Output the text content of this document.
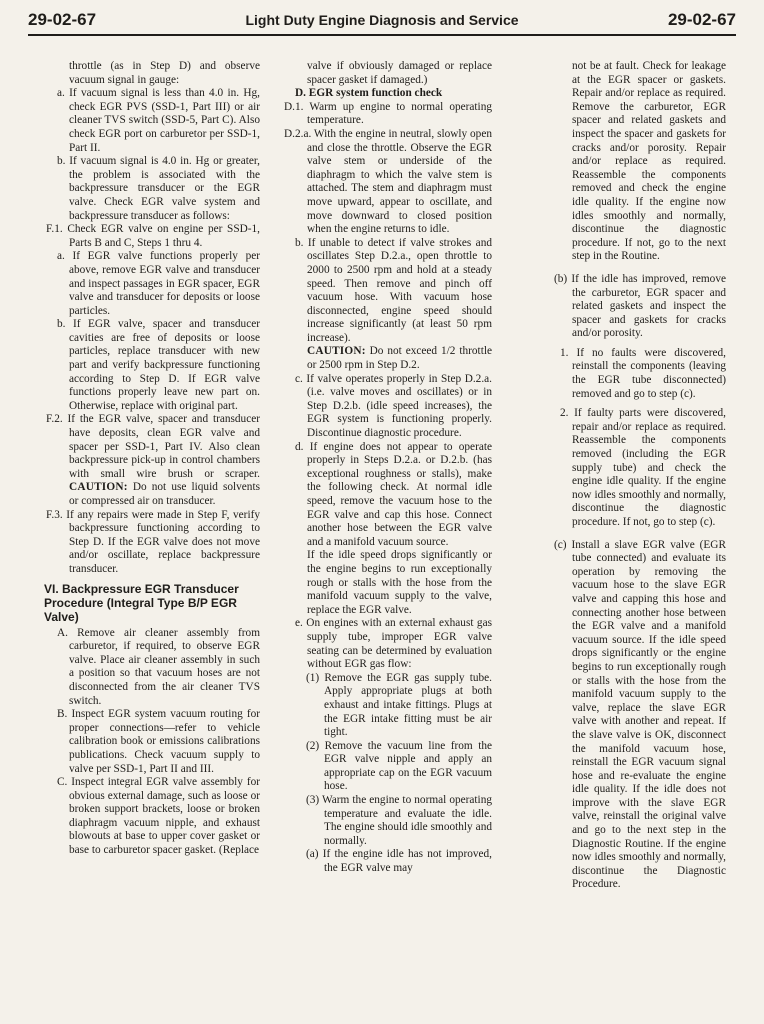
29-02-67	Light Duty Engine Diagnosis and Service	29-02-67

throttle (as in Step D) and observe vacuum signal in gauge:

a. If vacuum signal is less than 4.0 in. Hg, check EGR PVS (SSD-1, Part III) or air cleaner TVS switch (SSD-5, Part C). Also check EGR port on carburetor per SSD-1, Part II.

b. If vacuum signal is 4.0 in. Hg or greater, the problem is associated with the backpressure transducer or the EGR valve. Check EGR valve system and backpressure transducer as follows:

F.1. Check EGR valve on engine per SSD-1, Parts B and C, Steps 1 thru 4.

a. If EGR valve functions properly per above, remove EGR valve and transducer and inspect passages in EGR spacer, EGR valve and transducer for deposits or loose particles.

b. If EGR valve, spacer and transducer cavities are free of deposits or loose particles, replace transducer with new part and verify backpressure functioning according to Step D. If EGR valve functions properly leave new part on. Otherwise, replace with original part.

F.2. If the EGR valve, spacer and transducer have deposits, clean EGR valve and spacer per SSD-1, Part IV. Also clean backpressure pick-up in control chambers with small wire brush or scraper. CAUTION: Do not use liquid solvents or compressed air on transducer.

F.3. If any repairs were made in Step F, verify backpressure functioning according to Step D. If the EGR valve does not move and/or oscillate, replace backpressure transducer.

VI. Backpressure EGR Transducer Procedure (Integral Type B/P EGR Valve)

A. Remove air cleaner assembly from carburetor, if required, to observe EGR valve. Place air cleaner assembly in such a position so that vacuum hoses are not disconnected from the air cleaner TVS switch.

B. Inspect EGR system vacuum routing for proper connections—refer to vehicle calibration book or emissions calibrations publications. Check vacuum supply to valve per SSD-1, Part II and III.

C. Inspect integral EGR valve assembly for obvious external damage, such as loose or broken support brackets, loose or broken diaphragm vacuum nipple, and exhaust blowouts at base to upper cover gasket or base to carburetor spacer gasket. (Replace

valve if obviously damaged or replace spacer gasket if damaged.)

D. EGR system function check

D.1. Warm up engine to normal operating temperature.

D.2.a. With the engine in neutral, slowly open and close the throttle. Observe the EGR valve stem or underside of the diaphragm to which the valve stem is attached. The stem and diaphragm must move upward, appear to oscillate, and move downward to closed position when the engine returns to idle.

b. If unable to detect if valve strokes and oscillates Step D.2.a., open throttle to 2000 to 2500 rpm and hold at a steady speed. Then remove and pinch off vacuum hose. With vacuum hose disconnected, engine speed should increase significantly (at least 50 rpm increase).

CAUTION: Do not exceed 1/2 throttle or 2500 rpm in Step D.2.

c. If valve operates properly in Step D.2.a. (i.e. valve moves and oscillates) or in Step D.2.b. (idle speed increases), the EGR system is functioning properly. Discontinue diagnostic procedure.

d. If engine does not appear to operate properly in Steps D.2.a. or D.2.b. (has exceptional roughness or stalls), make the following check. At normal idle speed, remove the vacuum hose to the EGR valve and cap this hose. Connect another hose between the EGR valve and a manifold vacuum source.

If the idle speed drops significantly or the engine begins to run exceptionally rough or stalls with the hose from the manifold vacuum supply to the valve, replace the EGR valve.

e. On engines with an external exhaust gas supply tube, improper EGR valve seating can be determined by evaluation without EGR gas flow:

(1) Remove the EGR gas supply tube. Apply appropriate plugs at both exhaust and intake fittings. Plugs at the EGR intake fitting must be air tight.

(2) Remove the vacuum line from the EGR valve nipple and apply an appropriate cap on the EGR vacuum hose.

(3) Warm the engine to normal operating temperature and evaluate the idle. The engine should idle smoothly and normally.

(a) If the engine idle has not improved, the EGR valve may

not be at fault. Check for leakage at the EGR spacer or gaskets. Repair and/or replace as required. Remove the carburetor, EGR spacer and related gaskets and inspect the spacer and gaskets for cracks and/or porosity. Repair and/or replace as required. Reassemble the components removed and check the engine idle quality. If the engine now idles smoothly and normally, discontinue the diagnostic procedure. If not, go to the next step in the Routine.

(b) If the idle has improved, remove the carburetor, EGR spacer and related gaskets and inspect the spacer and gaskets for cracks and/or porosity.

1. If no faults were discovered, reinstall the components (leaving the EGR tube disconnected) removed and go to step (c).

2. If faulty parts were discovered, repair and/or replace as required. Reassemble the components removed (including the EGR supply tube) and check the engine idle quality. If the engine now idles smoothly and normally, discontinue the diagnostic procedure. If not, go to step (c).

(c) Install a slave EGR valve (EGR tube connected) and evaluate its operation by removing the vacuum hose to the slave EGR valve and capping this hose and connecting another hose between the EGR valve and a manifold vacuum source. If the idle speed drops significantly or the engine begins to run exceptionally rough or stalls with the hose from the manifold vacuum supply to the valve, replace the slave EGR valve with another and repeat. If the slave valve is OK, disconnect the manifold vacuum hose, reinstall the EGR vacuum signal hose and re-evaluate the engine idle quality. If the idle does not improve with the slave EGR valve, reinstall the original valve and go to the next step in the Diagnostic Routine. If the engine now idles smoothly and normally, discontinue the Diagnostic Procedure.
